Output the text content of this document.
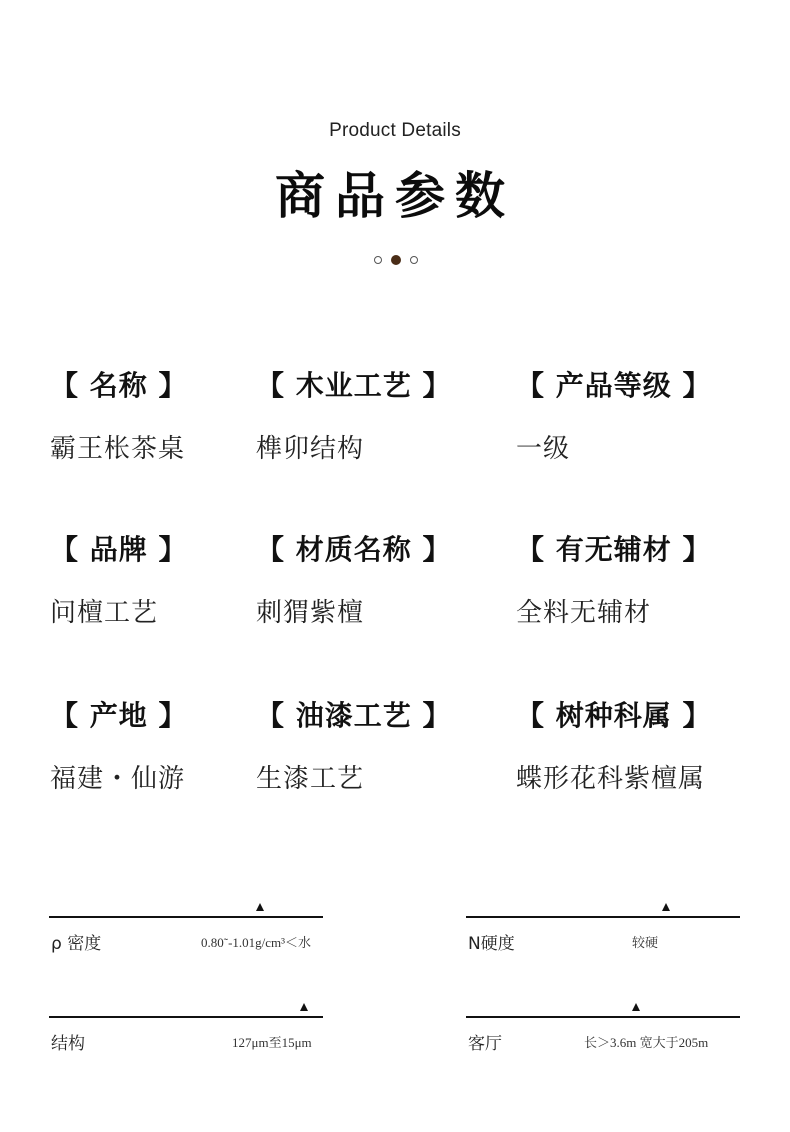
Product Details
商品参数
【 名称 】
霸王枨茶桌
【 木业工艺 】
榫卯结构
【 产品等级 】
一级
【 品牌 】
问檀工艺
【 材质名称 】
刺猬紫檀
【 有无辅材 】
全料无辅材
【 产地 】
福建・仙游
【 油漆工艺 】
生漆工艺
【 树种科属 】
蝶形花科紫檀属
ρ 密度	0.80˜-1.01g/cm³＜水	N硬度	较硬
结构	127μm至15μm	客厅	长＞3.6m 宽大于205m
